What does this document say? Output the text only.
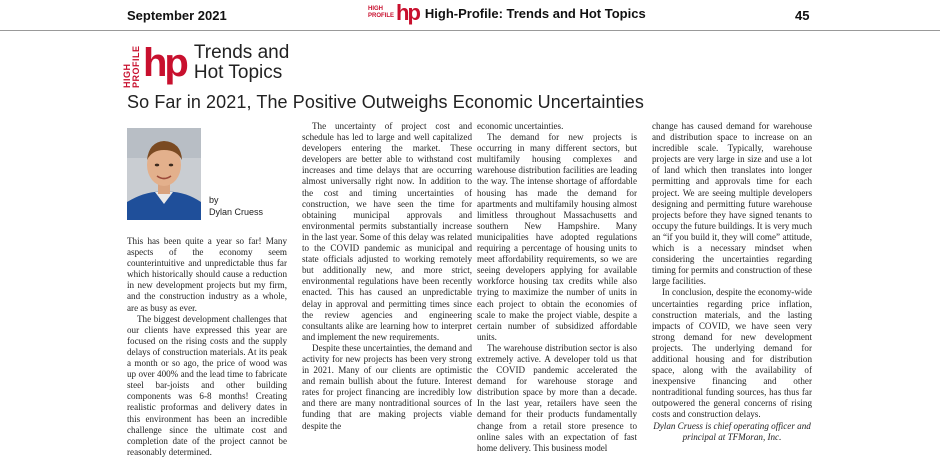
September 2021	HIGH
PROFILE hp High-Profile: Trends and Hot Topics	45
HIGH PROFILE hp Trends and
Hot Topics
So Far in 2021, The Positive Outweighs Economic Uncertainties
by
Dylan Cruess

This has been quite a year so far! Many aspects of the economy seem counterintuitive and unpredictable thus far which historically should cause a reduction in new development projects but my firm, and the construction industry as a whole, are as busy as ever.

The biggest development challenges that our clients have expressed this year are focused on the rising costs and the supply delays of construction materials. At its peak a month or so ago, the price of wood was up over 400% and the lead time to fabricate steel bar-joists and other building components was 6-8 months! Creating realistic proformas and delivery dates in this environment has been an incredible challenge since the ultimate cost and completion date of the project cannot be reasonably determined.

The uncertainty of project cost and schedule has led to large and well capitalized developers entering the market. These developers are better able to withstand cost increases and time delays that are occurring almost universally right now. In addition to the cost and timing uncertainties of construction, we have seen the time for obtaining municipal approvals and environmental permits substantially increase in the last year. Some of this delay was related to the COVID pandemic as municipal and state officials adjusted to working remotely but additionally new, and more strict, environmental regulations have been recently enacted. This has caused an unpredictable delay in approval and permitting times since the review agencies and engineering consultants alike are learning how to interpret and implement the new requirements.

Despite these uncertainties, the demand and activity for new projects has been very strong in 2021. Many of our clients are optimistic and remain bullish about the future. Interest rates for project financing are incredibly low and there are many nontraditional sources of funding that are making projects viable despite the

economic uncertainties.

The demand for new projects is occurring in many different sectors, but multifamily housing complexes and warehouse distribution facilities are leading the way. The intense shortage of affordable housing has made the demand for apartments and multifamily housing almost limitless throughout Massachusetts and southern New Hampshire. Many municipalities have adopted regulations requiring a percentage of housing units to meet affordability requirements, so we are seeing developers applying for available workforce housing tax credits while also trying to maximize the number of units in each project to obtain the economies of scale to make the project viable, despite a certain number of subsidized affordable units.

The warehouse distribution sector is also extremely active. A developer told us that the COVID pandemic accelerated the demand for warehouse storage and distribution space by more than a decade. In the last year, retailers have seen the demand for their products fundamentally change from a retail store presence to online sales with an expectation of fast home delivery. This business model

change has caused demand for warehouse and distribution space to increase on an incredible scale. Typically, warehouse projects are very large in size and use a lot of land which then translates into longer permitting and approvals time for each project. We are seeing multiple developers designing and permitting future warehouse projects before they have signed tenants to occupy the future buildings. It is very much an “if you build it, they will come” attitude, which is a necessary mindset when considering the uncertainties regarding timing for permits and construction of these large facilities.

In conclusion, despite the economy-wide uncertainties regarding price inflation, construction materials, and the lasting impacts of COVID, we have seen very strong demand for new development projects. The underlying demand for additional housing and for distribution space, along with the availability of inexpensive financing and other nontraditional funding sources, has thus far outpowered the general concerns of rising costs and construction delays.

Dylan Cruess is chief operating officer and principal at TFMoran, Inc.
